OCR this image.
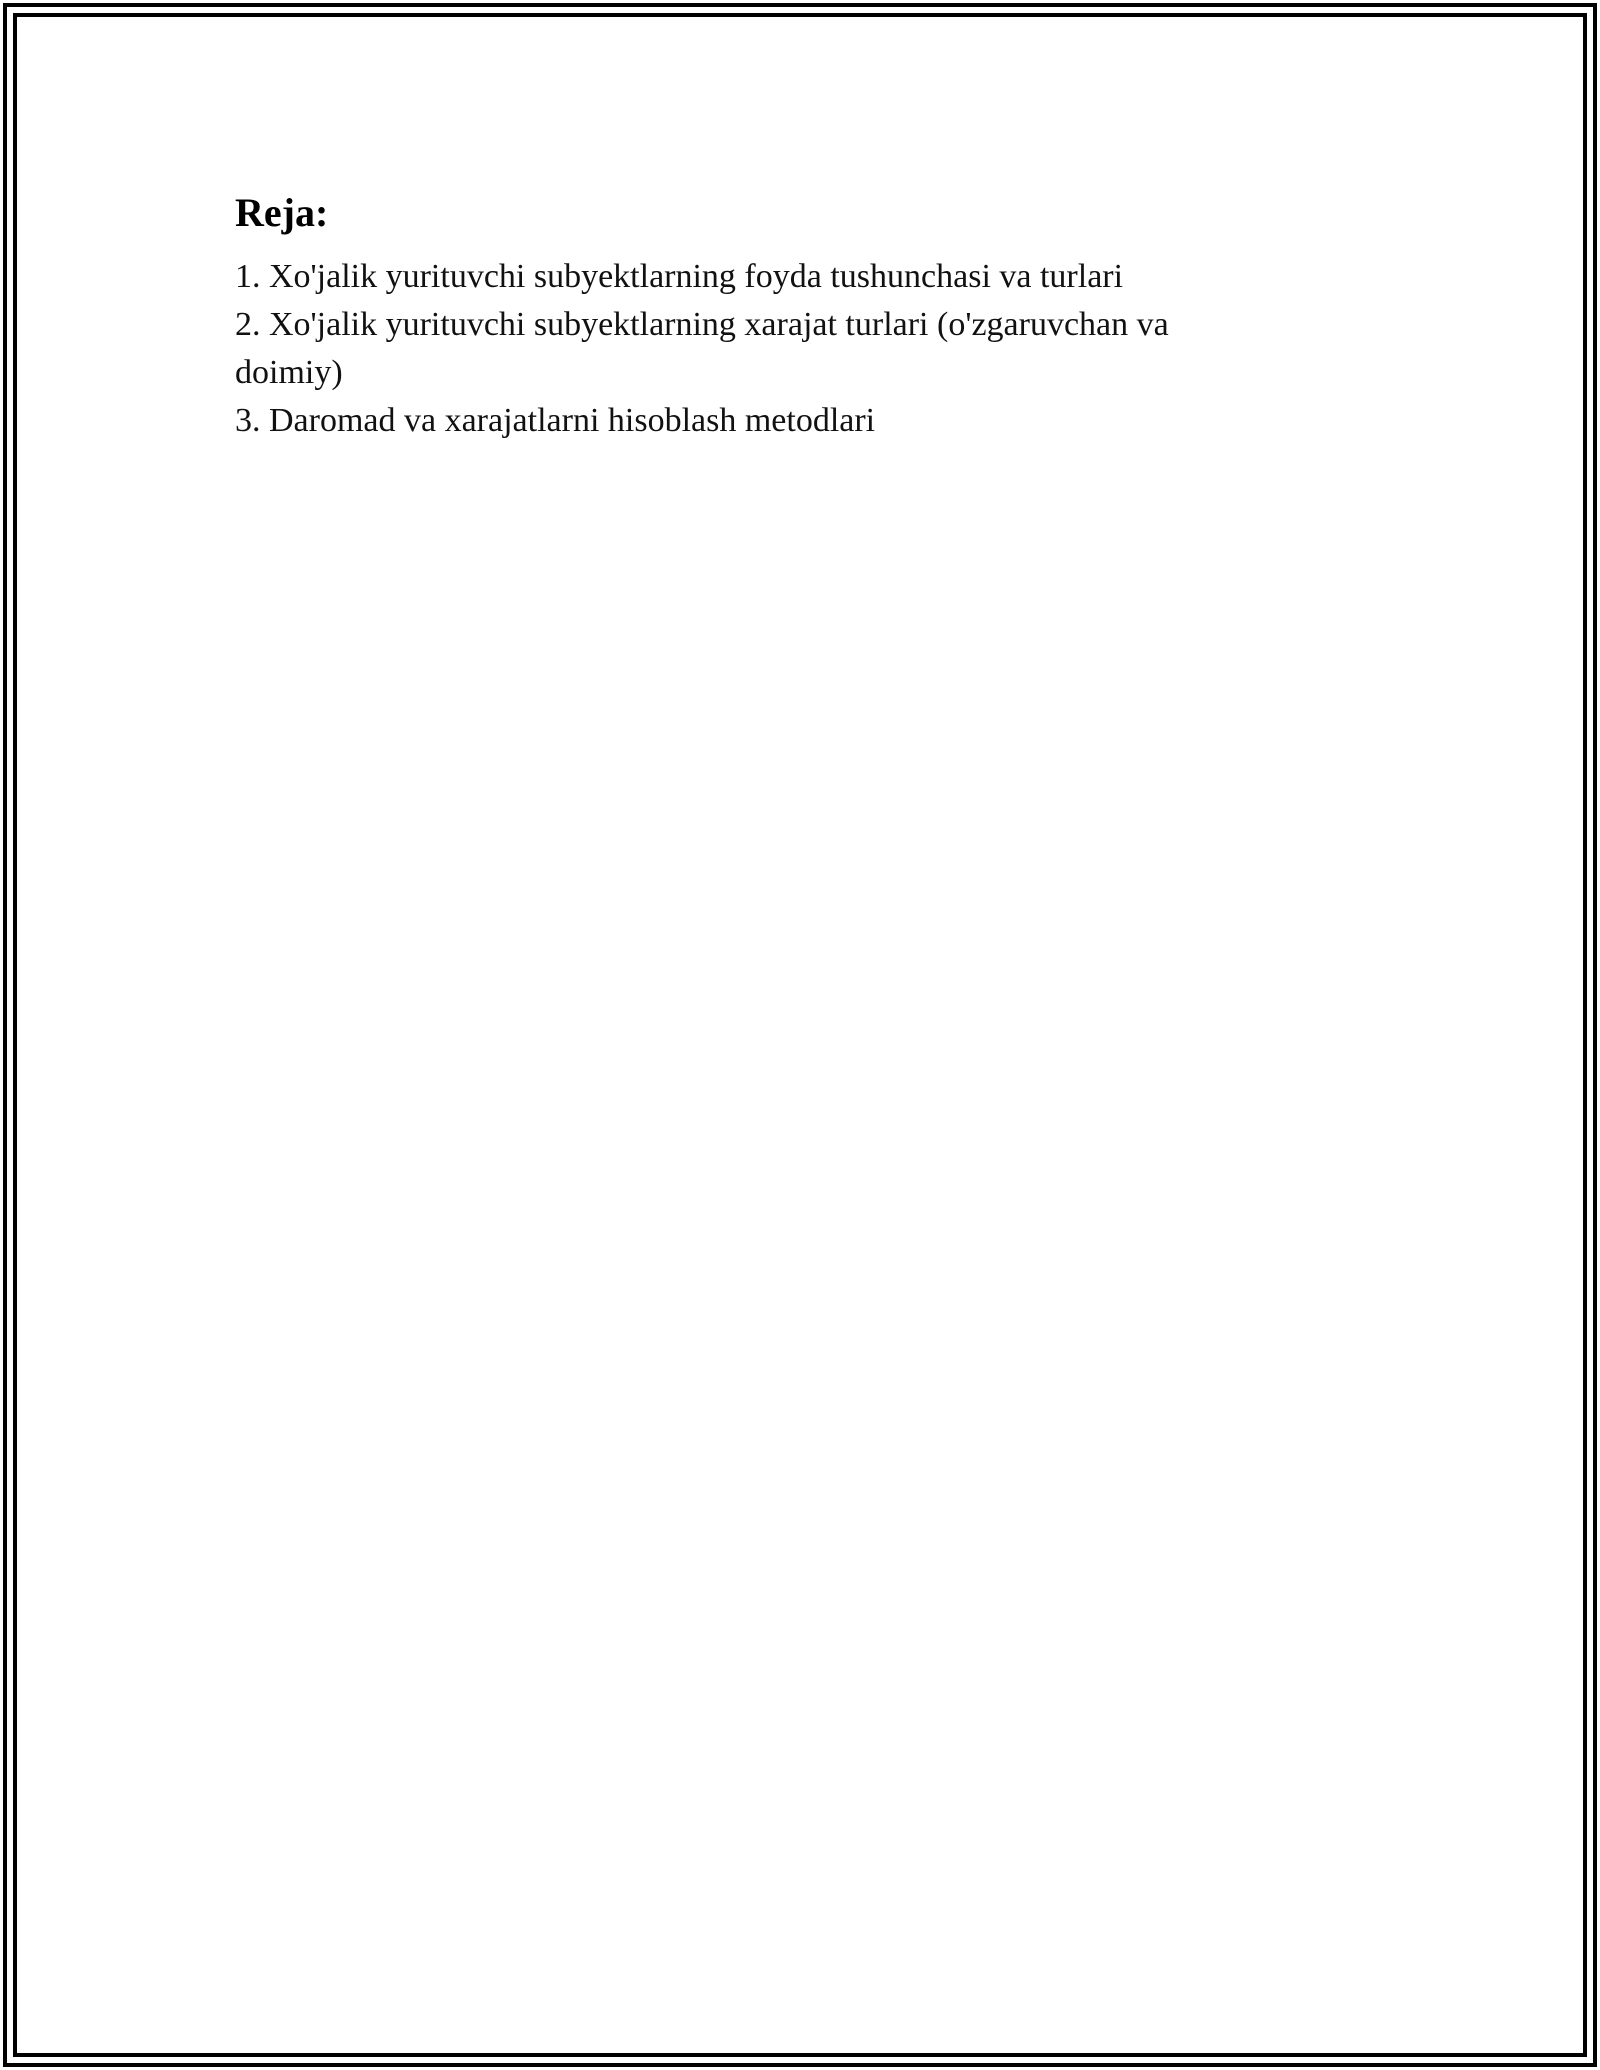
Reja:
1. Xo'jalik yurituvchi subyektlarning foyda tushunchasi va turlari
2. Xo'jalik yurituvchi subyektlarning xarajat turlari (o'zgaruvchan va doimiy)
3. Daromad va xarajatlarni hisoblash metodlari
